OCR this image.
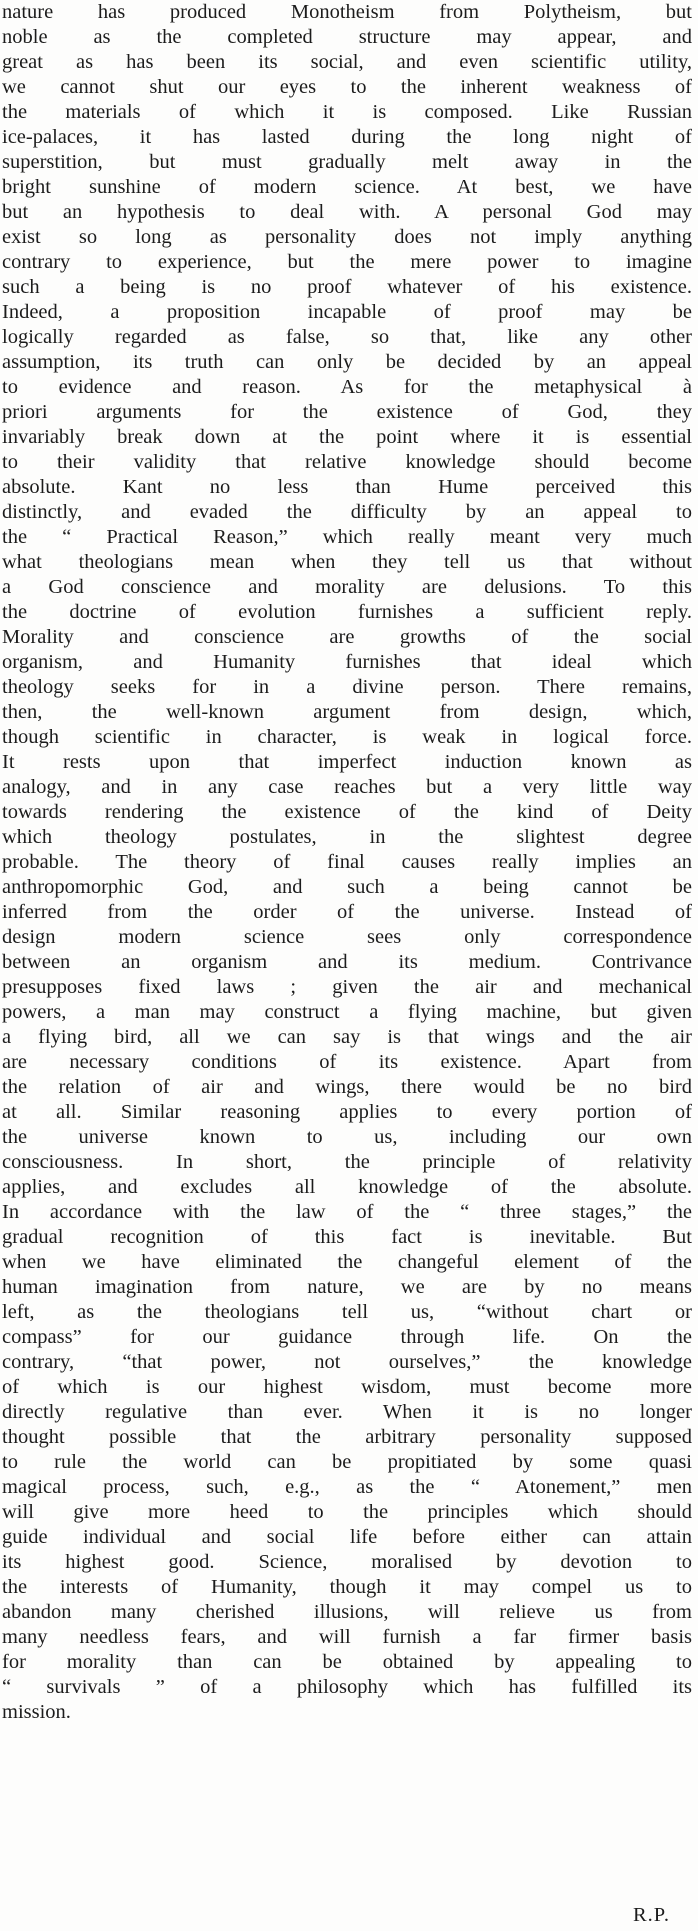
nature has produced Monotheism from Polytheism, but
noble as the completed structure may appear, and
great as has been its social, and even scientific utility,
we cannot shut our eyes to the inherent weakness of
the materials of which it is composed. Like Russian
ice-palaces, it has lasted during the long night of
superstition, but must gradually melt away in the
bright sunshine of modern science. At best, we have
but an hypothesis to deal with. A personal God may
exist so long as personality does not imply anything
contrary to experience, but the mere power to imagine
such a being is no proof whatever of his existence.
Indeed, a proposition incapable of proof may be
logically regarded as false, so that, like any other
assumption, its truth can only be decided by an appeal
to evidence and reason. As for the metaphysical à
priori arguments for the existence of God, they
invariably break down at the point where it is essential
to their validity that relative knowledge should become
absolute. Kant no less than Hume perceived this
distinctly, and evaded the difficulty by an appeal to
the “ Practical Reason,” which really meant very much
what theologians mean when they tell us that without
a God conscience and morality are delusions. To this
the doctrine of evolution furnishes a sufficient reply.
Morality and conscience are growths of the social
organism, and Humanity furnishes that ideal which
theology seeks for in a divine person. There remains,
then, the well-known argument from design, which,
though scientific in character, is weak in logical force.
It rests upon that imperfect induction known as
analogy, and in any case reaches but a very little way
towards rendering the existence of the kind of Deity
which theology postulates, in the slightest degree
probable. The theory of final causes really implies an
anthropomorphic God, and such a being cannot be
inferred from the order of the universe. Instead of
design modern science sees only correspondence
between an organism and its medium. Contrivance
presupposes fixed laws ; given the air and mechanical
powers, a man may construct a flying machine, but given
a flying bird, all we can say is that wings and the air
are necessary conditions of its existence. Apart from
the relation of air and wings, there would be no bird
at all. Similar reasoning applies to every portion of
the universe known to us, including our own
consciousness. In short, the principle of relativity
applies, and excludes all knowledge of the absolute.
In accordance with the law of the “ three stages,” the
gradual recognition of this fact is inevitable. But
when we have eliminated the changeful element of the
human imagination from nature, we are by no means
left, as the theologians tell us, “without chart or
compass” for our guidance through life. On the
contrary, “that power, not ourselves,” the knowledge
of which is our highest wisdom, must become more
directly regulative than ever. When it is no longer
thought possible that the arbitrary personality supposed
to rule the world can be propitiated by some quasi
magical process, such, e.g., as the “ Atonement,” men
will give more heed to the principles which should
guide individual and social life before either can attain
its highest good. Science, moralised by devotion to
the interests of Humanity, though it may compel us to
abandon many cherished illusions, will relieve us from
many needless fears, and will furnish a far firmer basis
for morality than can be obtained by appealing to
“ survivals ” of a philosophy which has fulfilled its
mission.
R.P.
